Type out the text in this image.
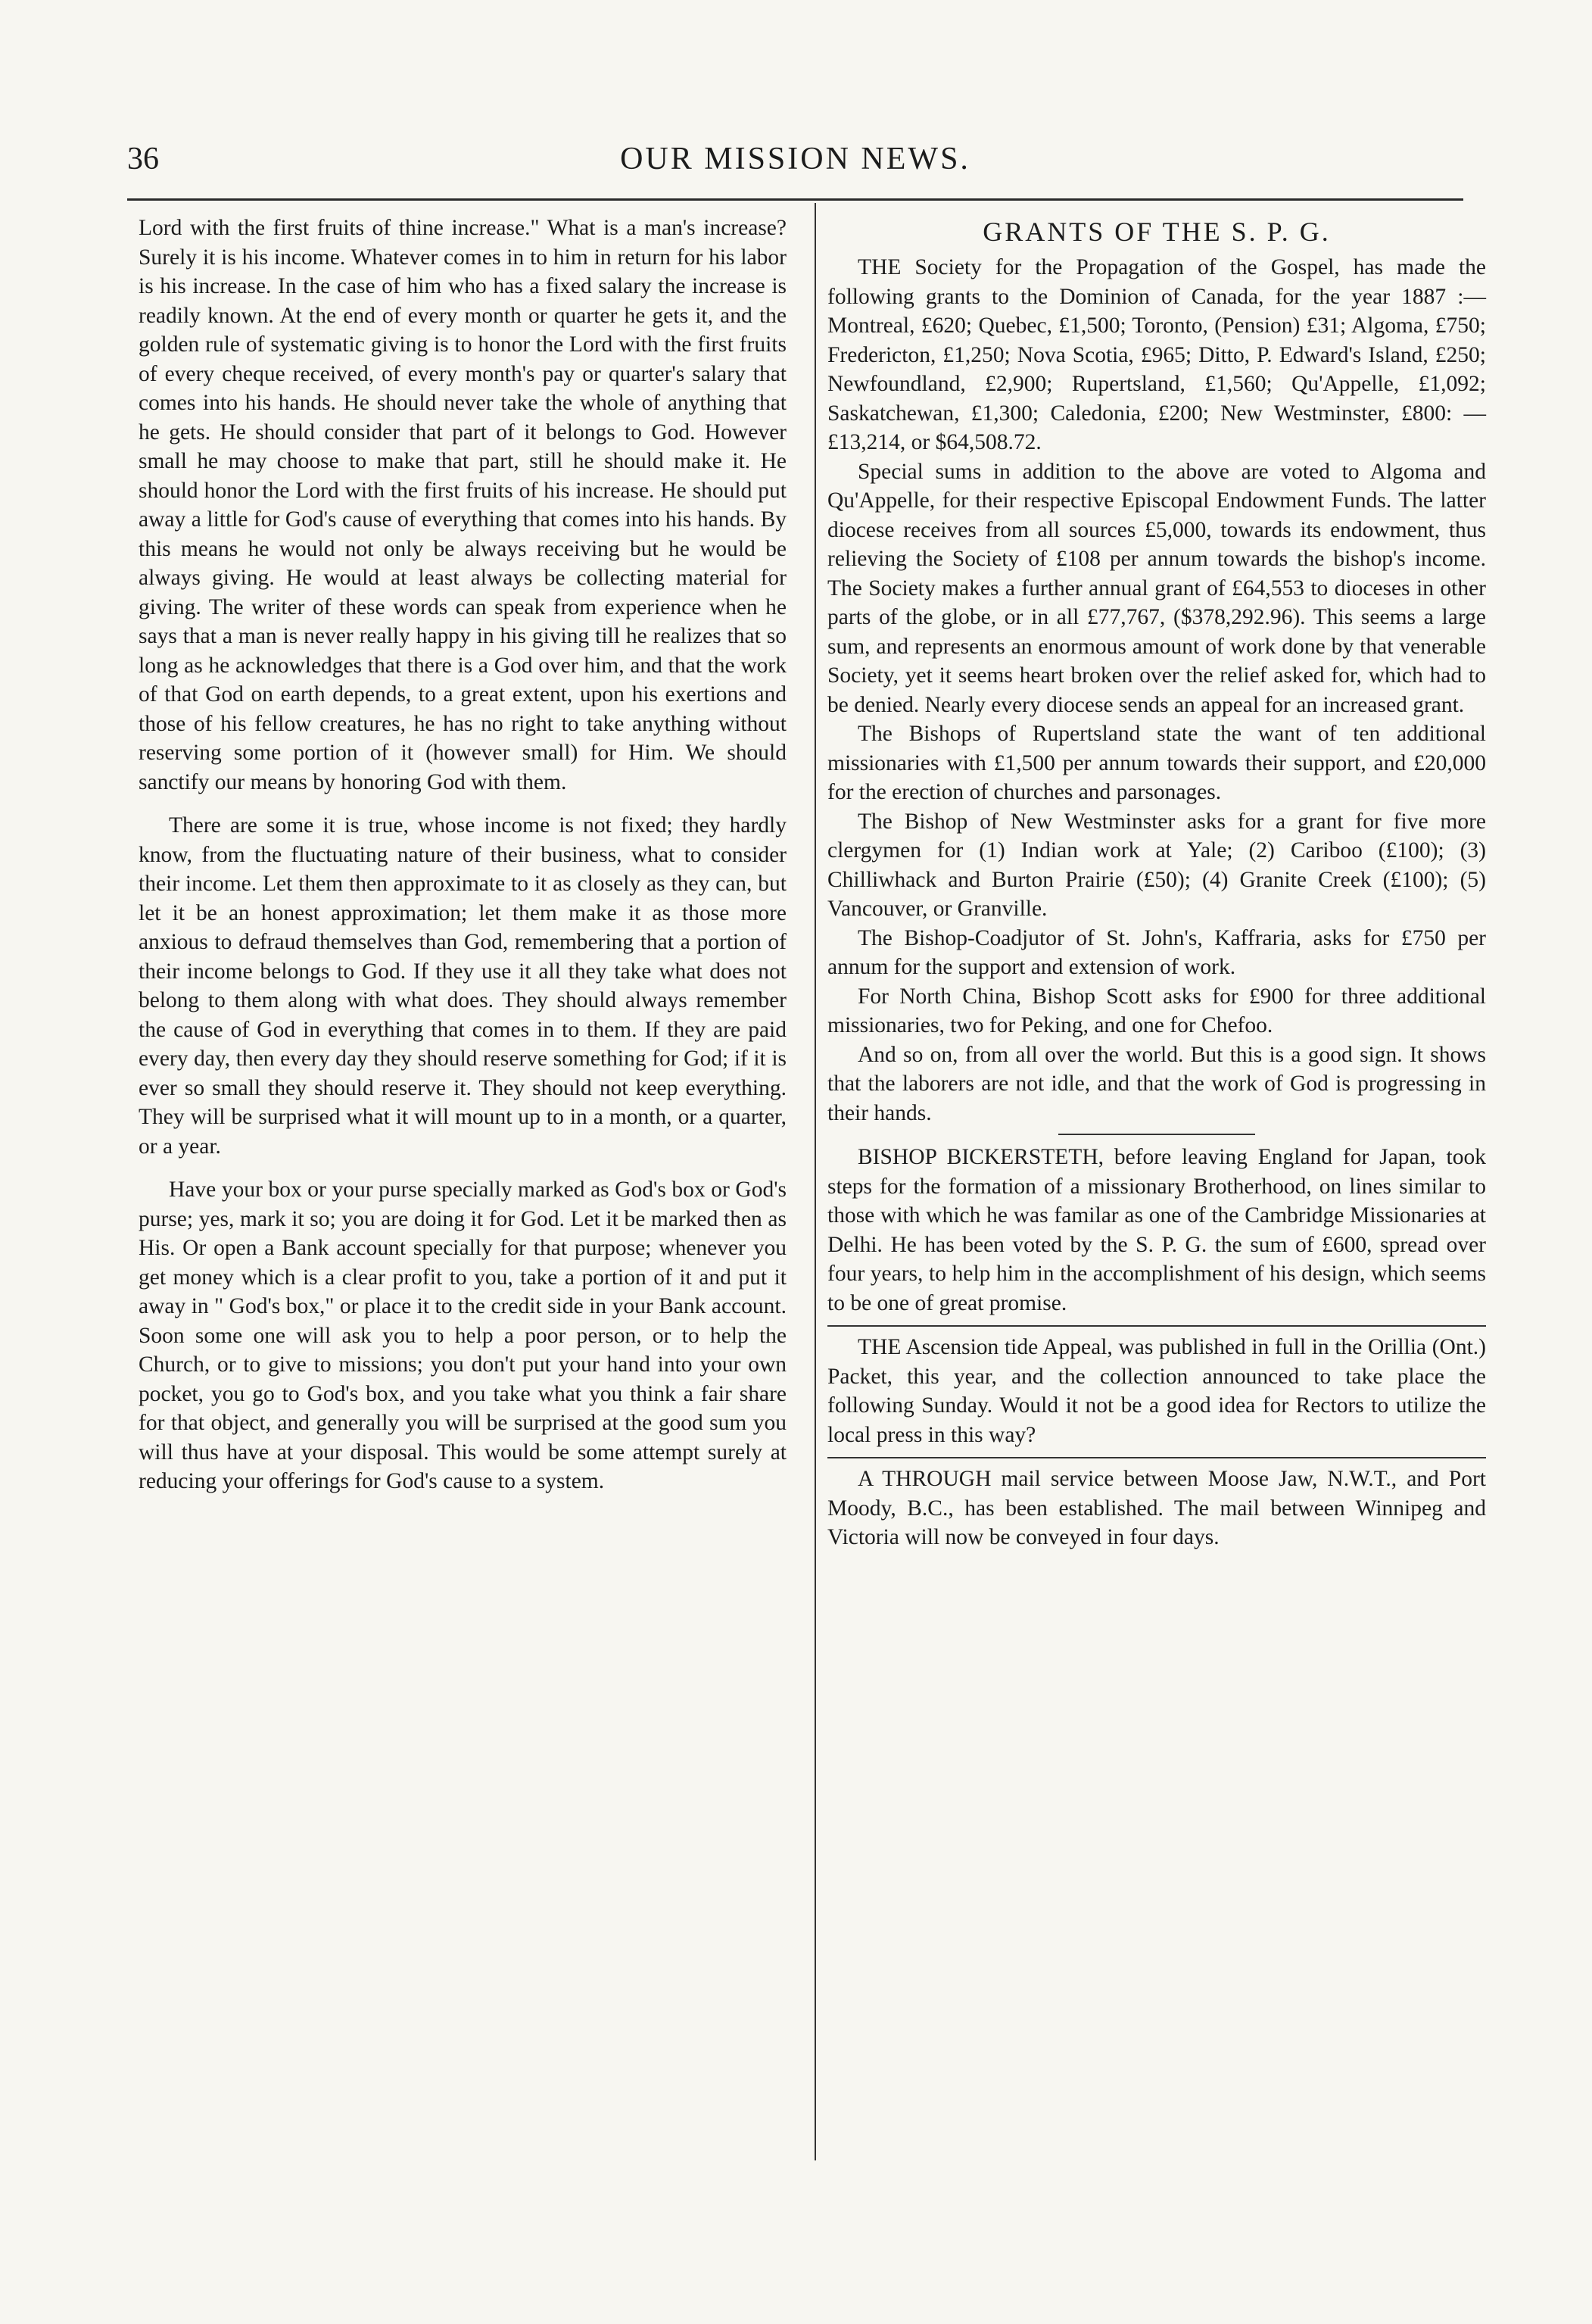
36	OUR MISSION NEWS.

Lord with the first fruits of thine increase." What is a man's increase? Surely it is his income. Whatever comes in to him in return for his labor is his increase. In the case of him who has a fixed salary the increase is readily known. At the end of every month or quarter he gets it, and the golden rule of systematic giving is to honor the Lord with the first fruits of every cheque received, of every month's pay or quarter's salary that comes into his hands. He should never take the whole of anything that he gets. He should consider that part of it belongs to God. However small he may choose to make that part, still he should make it. He should honor the Lord with the first fruits of his increase. He should put away a little for God's cause of everything that comes into his hands. By this means he would not only be always receiving but he would be always giving. He would at least always be collecting material for giving. The writer of these words can speak from experience when he says that a man is never really happy in his giving till he realizes that so long as he acknowledges that there is a God over him, and that the work of that God on earth depends, to a great extent, upon his exertions and those of his fellow creatures, he has no right to take anything without reserving some portion of it (however small) for Him. We should sanctify our means by honoring God with them.

There are some it is true, whose income is not fixed; they hardly know, from the fluctuating nature of their business, what to consider their income. Let them then approximate to it as closely as they can, but let it be an honest approximation; let them make it as those more anxious to defraud themselves than God, remembering that a portion of their income belongs to God. If they use it all they take what does not belong to them along with what does. They should always remember the cause of God in everything that comes in to them. If they are paid every day, then every day they should reserve something for God; if it is ever so small they should reserve it. They should not keep everything. They will be surprised what it will mount up to in a month, or a quarter, or a year.

Have your box or your purse specially marked as God's box or God's purse; yes, mark it so; you are doing it for God. Let it be marked then as His. Or open a Bank account specially for that purpose; whenever you get money which is a clear profit to you, take a portion of it and put it away in " God's box," or place it to the credit side in your Bank account. Soon some one will ask you to help a poor person, or to help the Church, or to give to missions; you don't put your hand into your own pocket, you go to God's box, and you take what you think a fair share for that object, and generally you will be surprised at the good sum you will thus have at your disposal. This would be some attempt surely at reducing your offerings for God's cause to a system.

GRANTS OF THE S. P. G.

THE Society for the Propagation of the Gospel, has made the following grants to the Dominion of Canada, for the year 1887 :—Montreal, £620; Quebec, £1,500; Toronto, (Pension) £31; Algoma, £750; Fredericton, £1,250; Nova Scotia, £965; Ditto, P. Edward's Island, £250; Newfoundland, £2,900; Rupertsland, £1,560; Qu'Appelle, £1,092; Saskatchewan, £1,300; Caledonia, £200; New Westminster, £800: —£13,214, or $64,508.72.

Special sums in addition to the above are voted to Algoma and Qu'Appelle, for their respective Episcopal Endowment Funds. The latter diocese receives from all sources £5,000, towards its endowment, thus relieving the Society of £108 per annum towards the bishop's income. The Society makes a further annual grant of £64,553 to dioceses in other parts of the globe, or in all £77,767, ($378,292.96). This seems a large sum, and represents an enormous amount of work done by that venerable Society, yet it seems heart broken over the relief asked for, which had to be denied. Nearly every diocese sends an appeal for an increased grant.

The Bishops of Rupertsland state the want of ten additional missionaries with £1,500 per annum towards their support, and £20,000 for the erection of churches and parsonages.

The Bishop of New Westminster asks for a grant for five more clergymen for (1) Indian work at Yale; (2) Cariboo (£100); (3) Chilliwhack and Burton Prairie (£50); (4) Granite Creek (£100); (5) Vancouver, or Granville.

The Bishop-Coadjutor of St. John's, Kaffraria, asks for £750 per annum for the support and extension of work.

For North China, Bishop Scott asks for £900 for three additional missionaries, two for Peking, and one for Chefoo.

And so on, from all over the world. But this is a good sign. It shows that the laborers are not idle, and that the work of God is progressing in their hands.

BISHOP BICKERSTETH, before leaving England for Japan, took steps for the formation of a missionary Brotherhood, on lines similar to those with which he was familar as one of the Cambridge Missionaries at Delhi. He has been voted by the S. P. G. the sum of £600, spread over four years, to help him in the accomplishment of his design, which seems to be one of great promise.

THE Ascension tide Appeal, was published in full in the Orillia (Ont.) Packet, this year, and the collection announced to take place the following Sunday. Would it not be a good idea for Rectors to utilize the local press in this way?

A THROUGH mail service between Moose Jaw, N.W.T., and Port Moody, B.C., has been established. The mail between Winnipeg and Victoria will now be conveyed in four days.
